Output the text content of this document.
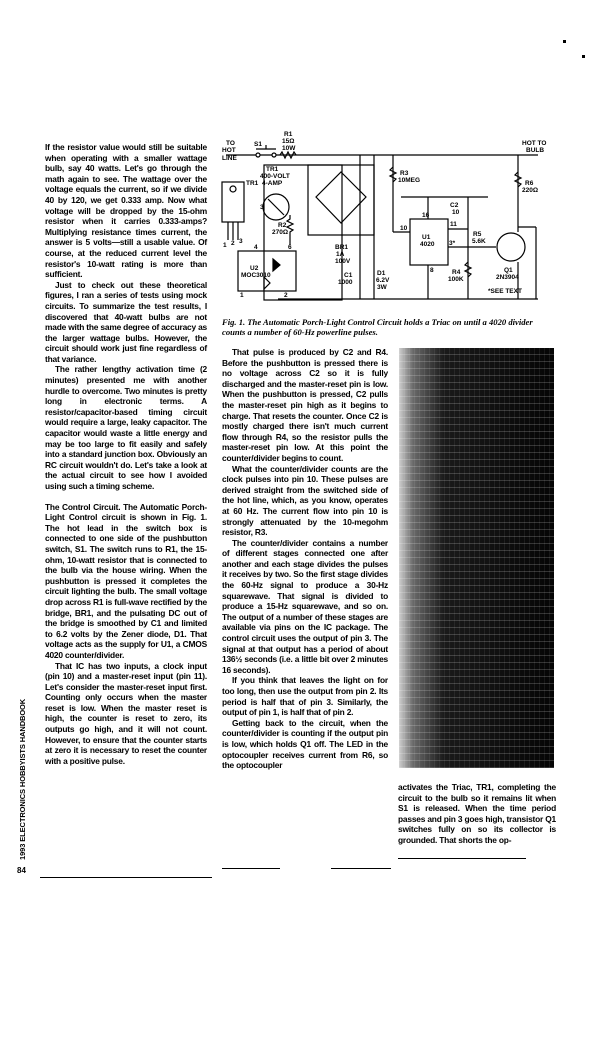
1993 ELECTRONICS HOBBYISTS HANDBOOK
84

If the resistor value would still be suitable when operating with a smaller wattage bulb, say 40 watts. Let's go through the math again to see. The wattage over the voltage equals the current, so if we divide 40 by 120, we get 0.333 amp. Now what voltage will be dropped by the 15-ohm resistor when it carries 0.333-amps? Multiplying resistance times current, the answer is 5 volts—still a usable value. Of course, at the reduced current level the resistor's 10-watt rating is more than sufficient.

Just to check out these theoretical figures, I ran a series of tests using mock circuits. To summarize the test results, I discovered that 40-watt bulbs are not made with the same degree of accuracy as the larger wattage bulbs. However, the circuit should work just fine regardless of that variance.

The rather lengthy activation time (2 minutes) presented me with another hurdle to overcome. Two minutes is pretty long in electronic terms. A resistor/capacitor-based timing circuit would require a large, leaky capacitor. The capacitor would waste a little energy and may be too large to fit easily and safely into a standard junction box. Obviously an RC circuit wouldn't do. Let's take a look at the actual circuit to see how I avoided using such a timing scheme.

The Control Circuit. The Automatic Porch-Light Control circuit is shown in Fig. 1. The hot lead in the switch box is connected to one side of the pushbutton switch, S1. The switch runs to R1, the 15-ohm, 10-watt resistor that is connected to the bulb via the house wiring. When the pushbutton is pressed it completes the circuit lighting the bulb. The small voltage drop across R1 is full-wave rectified by the bridge, BR1, and the pulsating DC out of the bridge is smoothed by C1 and limited to 6.2 volts by the Zener diode, D1. That voltage acts as the supply for U1, a CMOS 4020 counter/divider.

That IC has two inputs, a clock input (pin 10) and a master-reset input (pin 11). Let's consider the master-reset input first. Counting only occurs when the master reset is low. When the master reset is high, the counter is reset to zero, its outputs go high, and it will not count. However, to ensure that the counter starts at zero it is necessary to reset the counter with a positive pulse.

TO
HOT
LINE
HOT TO
BULB
S1
R1
15Ω
10W
TR1
400-VOLT
4-AMP
TR1
R2
270Ω
U2
MOC3010
BR1
1A
100V
C1
1000
D1
6.2V
3W
R3
10MEG
C2
10
U1
4020
R4
100K
R5
5.6K
R6
220Ω
Q1
2N3904
*SEE TEXT
1 2 3
4	6
16
10
11
3*
8
1	2
3
Fig. 1. The Automatic Porch-Light Control Circuit holds a Triac on until a 4020 divider counts a number of 60-Hz powerline pulses.

That pulse is produced by C2 and R4. Before the pushbutton is pressed there is no voltage across C2 so it is fully discharged and the master-reset pin is low. When the pushbutton is pressed, C2 pulls the master-reset pin high as it begins to charge. That resets the counter. Once C2 is mostly charged there isn't much current flow through R4, so the resistor pulls the master-reset pin low. At this point the counter/divider begins to count.

What the counter/divider counts are the clock pulses into pin 10. These pulses are derived straight from the switched side of the hot line, which, as you know, operates at 60 Hz. The current flow into pin 10 is strongly attenuated by the 10-megohm resistor, R3.

The counter/divider contains a number of different stages connected one after another and each stage divides the pulses it receives by two. So the first stage divides the 60-Hz signal to produce a 30-Hz squarewave. That signal is divided to produce a 15-Hz squarewave, and so on. The output of a number of these stages are available via pins on the IC package. The control circuit uses the output of pin 3. The signal at that output has a period of about 136½ seconds (i.e. a little bit over 2 minutes 16 seconds).

If you think that leaves the light on for too long, then use the output from pin 2. Its period is half that of pin 3. Similarly, the output of pin 1, is half that of pin 2.

Getting back to the circuit, when the counter/divider is counting if the output pin is low, which holds Q1 off. The LED in the optocoupler receives current from R6, so the optocoupler

activates the Triac, TR1, completing the circuit to the bulb so it remains lit when S1 is released. When the time period passes and pin 3 goes high, transistor Q1 switches fully on so its collector is grounded. That shorts the op-
